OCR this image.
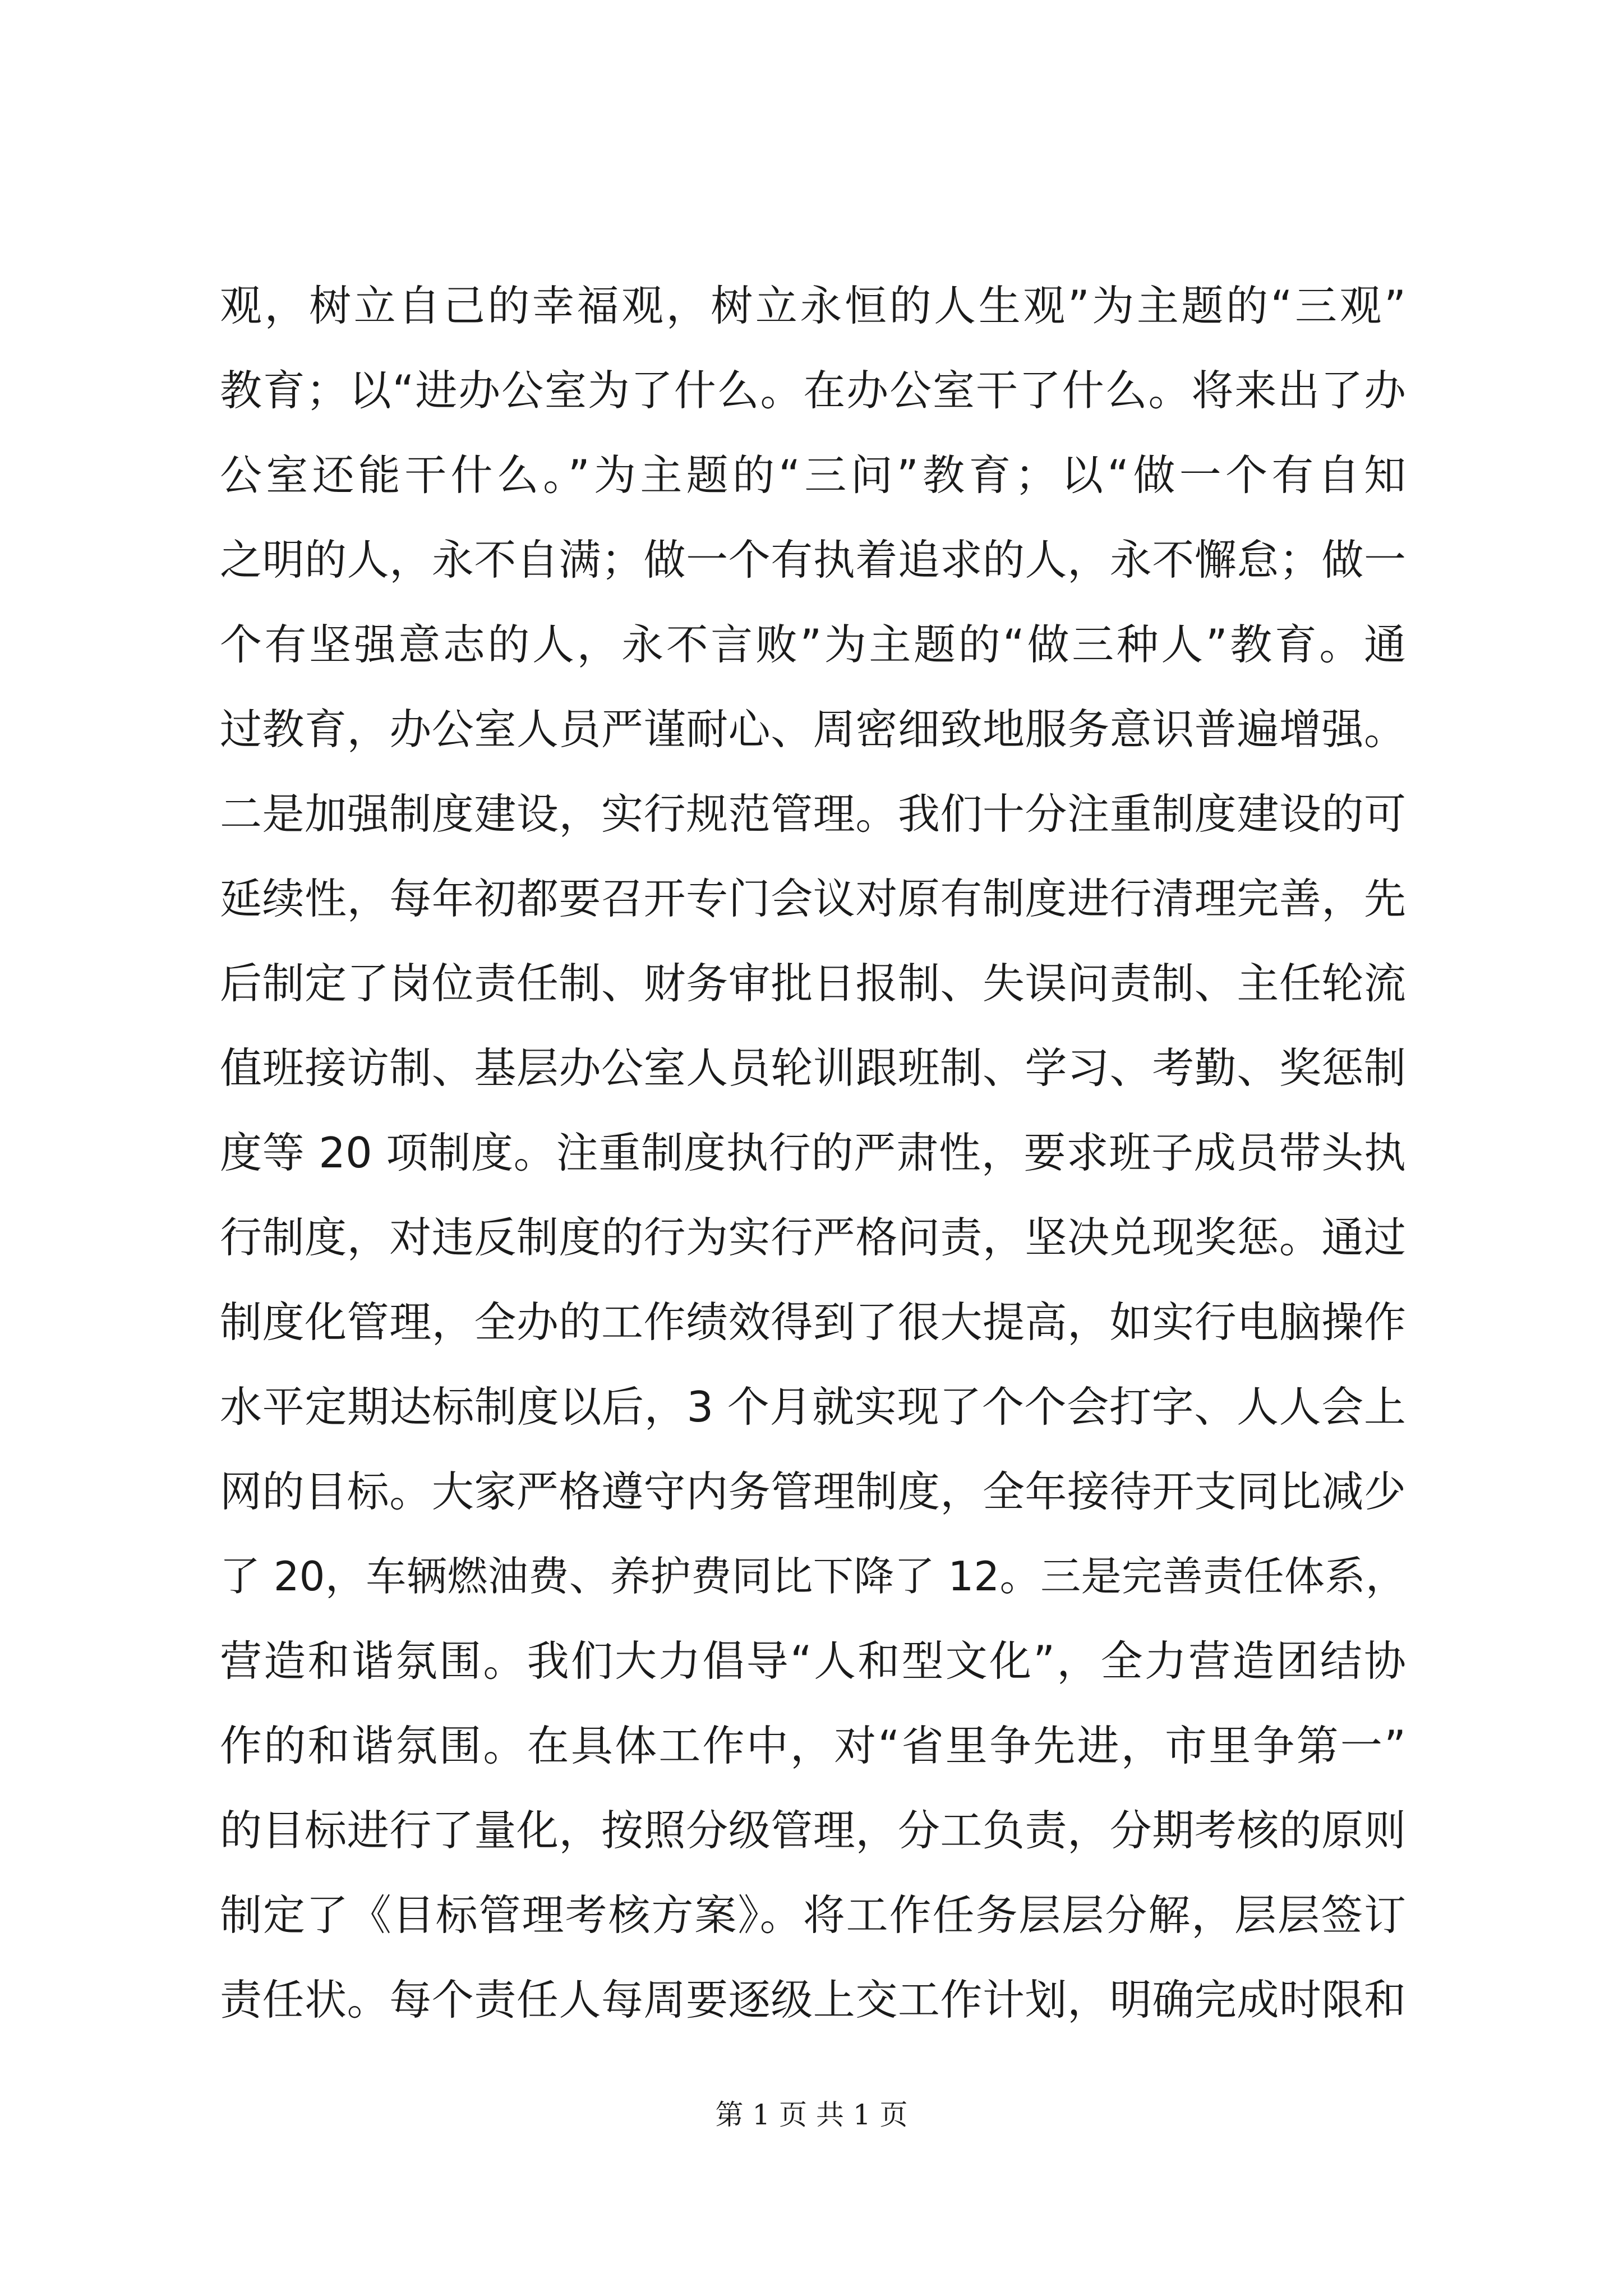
观，树立自己的幸福观，树立永恒的人生观”为主题的“三观”
教育；以“进办公室为了什么。在办公室干了什么。将来出了办
公室还能干什么。”为主题的“三问”教育；以“做一个有自知
之明的人，永不自满；做一个有执着追求的人，永不懈怠；做一
个有坚强意志的人，永不言败”为主题的“做三种人”教育。通
过教育，办公室人员严谨耐心、周密细致地服务意识普遍增强。
二是加强制度建设，实行规范管理。我们十分注重制度建设的可
延续性，每年初都要召开专门会议对原有制度进行清理完善，先
后制定了岗位责任制、财务审批日报制、失误问责制、主任轮流
值班接访制、基层办公室人员轮训跟班制、学习、考勤、奖惩制
度等 20 项制度。注重制度执行的严肃性，要求班子成员带头执
行制度，对违反制度的行为实行严格问责，坚决兑现奖惩。通过
制度化管理，全办的工作绩效得到了很大提高，如实行电脑操作
水平定期达标制度以后，3 个月就实现了个个会打字、人人会上
网的目标。大家严格遵守内务管理制度，全年接待开支同比减少
了 20，车辆燃油费、养护费同比下降了 12。三是完善责任体系，
营造和谐氛围。我们大力倡导“人和型文化”，全力营造团结协
作的和谐氛围。在具体工作中，对“省里争先进，市里争第一”
的目标进行了量化，按照分级管理，分工负责，分期考核的原则
制定了《目标管理考核方案》。将工作任务层层分解，层层签订
责任状。每个责任人每周要逐级上交工作计划，明确完成时限和
第 1 页 共 1 页
